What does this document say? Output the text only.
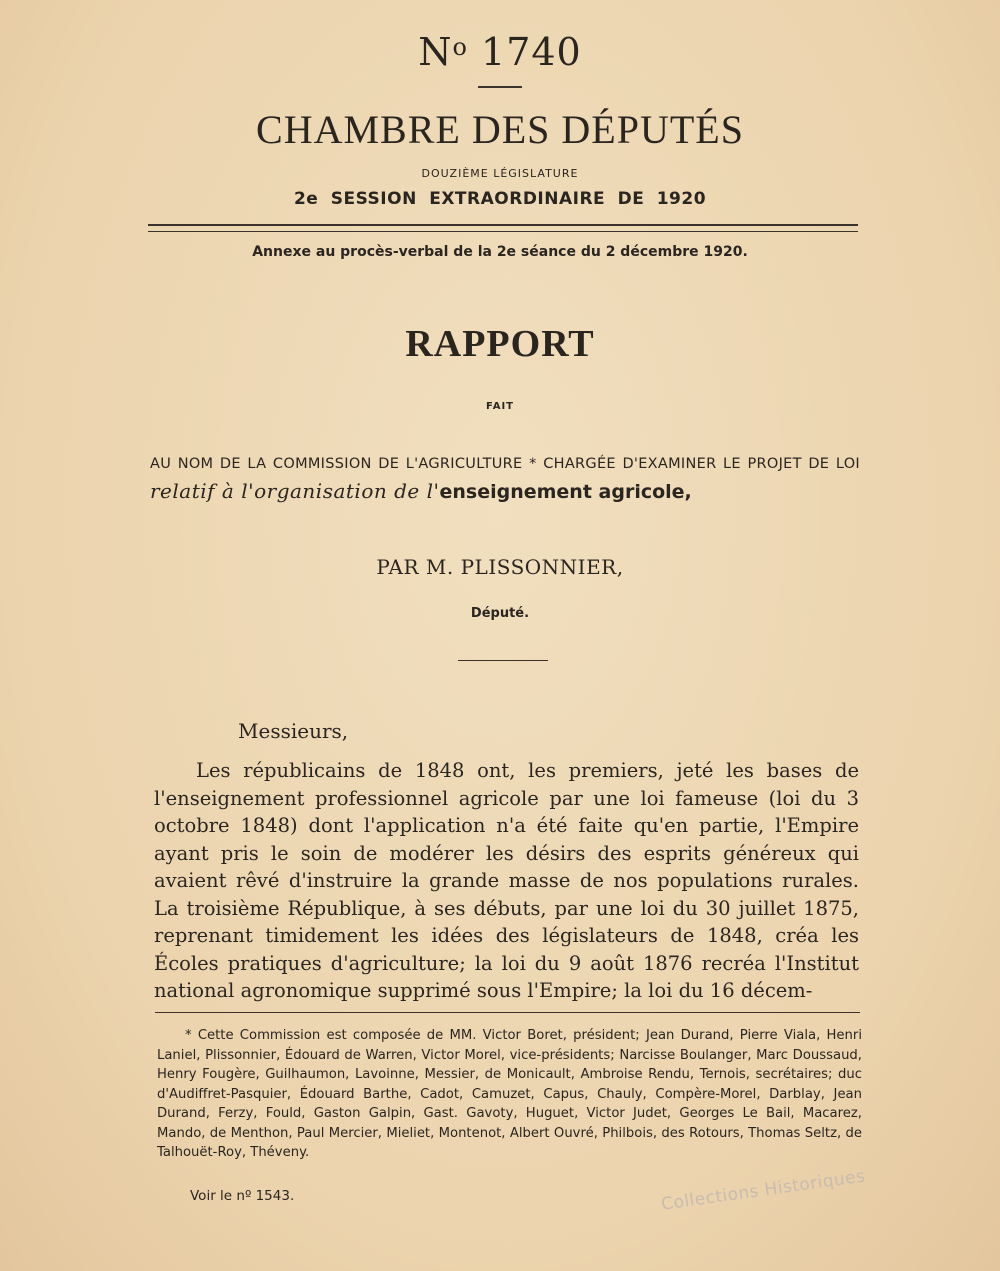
$N^o$ 1740
CHAMBRE DES DÉPUTÉS
DOUZIÈME LÉGISLATURE
2e SESSION EXTRAORDINAIRE DE 1920
Annexe au procès-verbal de la 2e séance du 2 décembre 1920.
RAPPORT
FAIT
AU NOM DE LA COMMISSION DE L'AGRICULTURE * CHARGÉE D'EXAMINER LE PROJET DE LOI relatif à l'organisation de l'enseignement agricole,
PAR M. PLISSONNIER,
Député.
Messieurs,

Les républicains de 1848 ont, les premiers, jeté les bases de l'enseignement professionnel agricole par une loi fameuse (loi du 3 octobre 1848) dont l'application n'a été faite qu'en partie, l'Empire ayant pris le soin de modérer les désirs des esprits généreux qui avaient rêvé d'instruire la grande masse de nos populations rurales. La troisième République, à ses débuts, par une loi du 30 juillet 1875, reprenant timidement les idées des législateurs de 1848, créa les Écoles pratiques d'agriculture; la loi du 9 août 1876 recréa l'Institut national agronomique supprimé sous l'Empire; la loi du 16 décem-

* Cette Commission est composée de MM. Victor Boret, président; Jean Durand, Pierre Viala, Henri Laniel, Plissonnier, Édouard de Warren, Victor Morel, vice-présidents; Narcisse Boulanger, Marc Doussaud, Henry Fougère, Guilhaumon, Lavoinne, Messier, de Monicault, Ambroise Rendu, Ternois, secrétaires; duc d'Audiffret-Pasquier, Édouard Barthe, Cadot, Camuzet, Capus, Chauly, Compère-Morel, Darblay, Jean Durand, Ferzy, Fould, Gaston Galpin, Gast. Gavoty, Huguet, Victor Judet, Georges Le Bail, Macarez, Mando, de Menthon, Paul Mercier, Mieliet, Montenot, Albert Ouvré, Philbois, des Rotours, Thomas Seltz, de Talhouët-Roy, Théveny.

Voir le nº 1543.	Collections Historiques
